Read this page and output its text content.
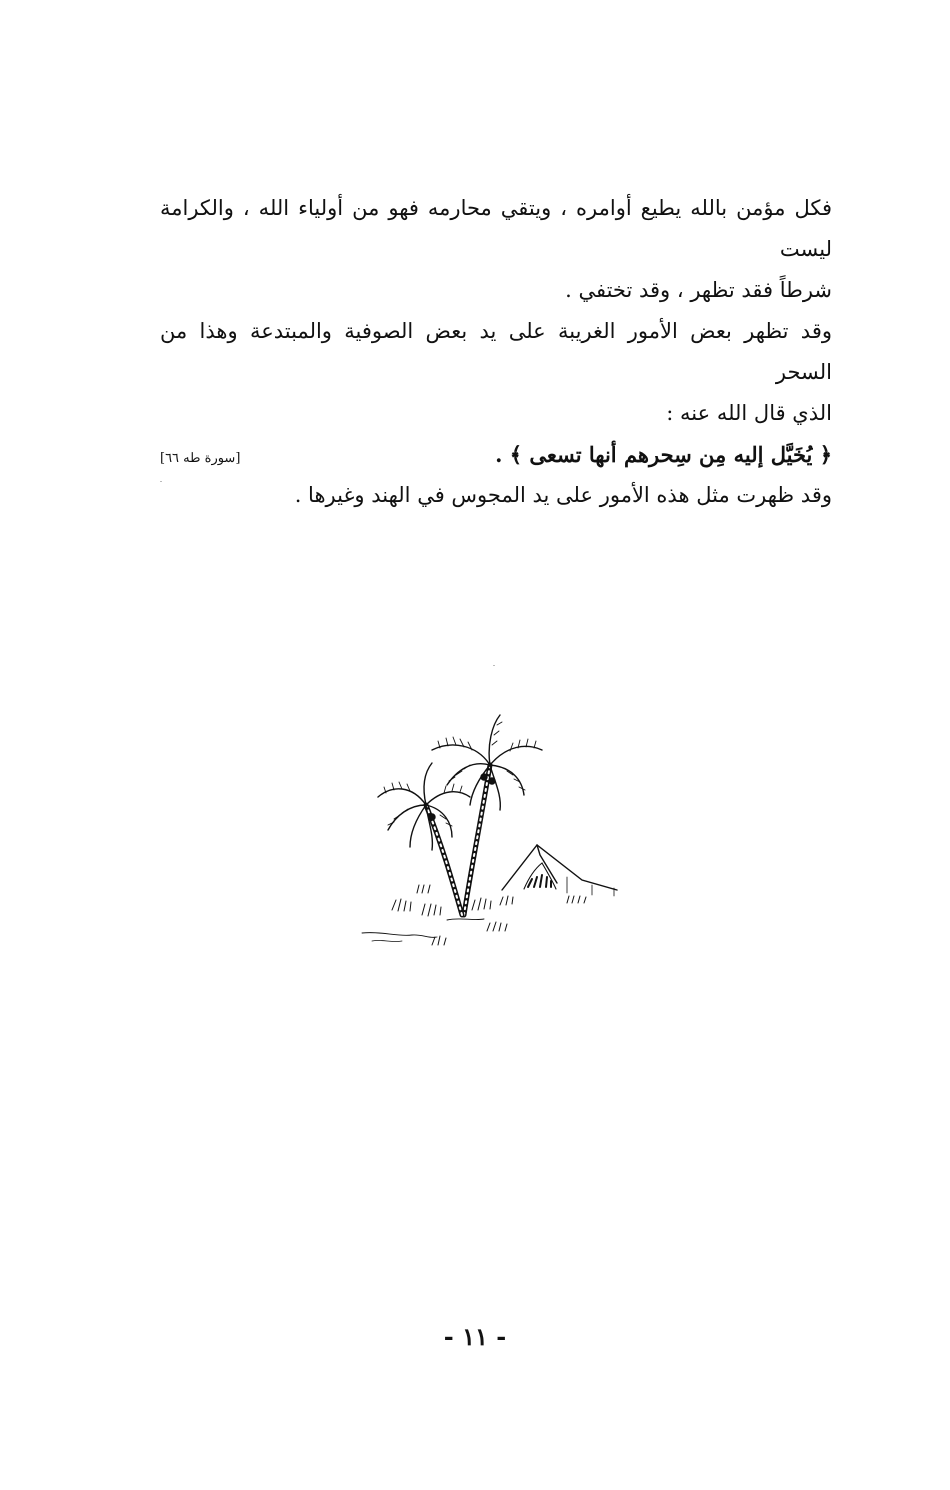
فكل مؤمن بالله يطيع أوامره ، ويتقي محارمه فهو من أولياء الله ، والكرامة ليست

شرطاً فقد تظهر ، وقد تختفي .

وقد تظهر بعض الأمور الغريبة على يد بعض الصوفية والمبتدعة وهذا من السحر

الذي قال الله عنه :

﴿ يُخَيَّل إليه مِن سِحرهم أنها تسعى ﴾ .
[سورة طه ٦٦]

وقد ظهرت مثل هذه الأمور على يد المجوس في الهند وغيرها .

- ١١ -
